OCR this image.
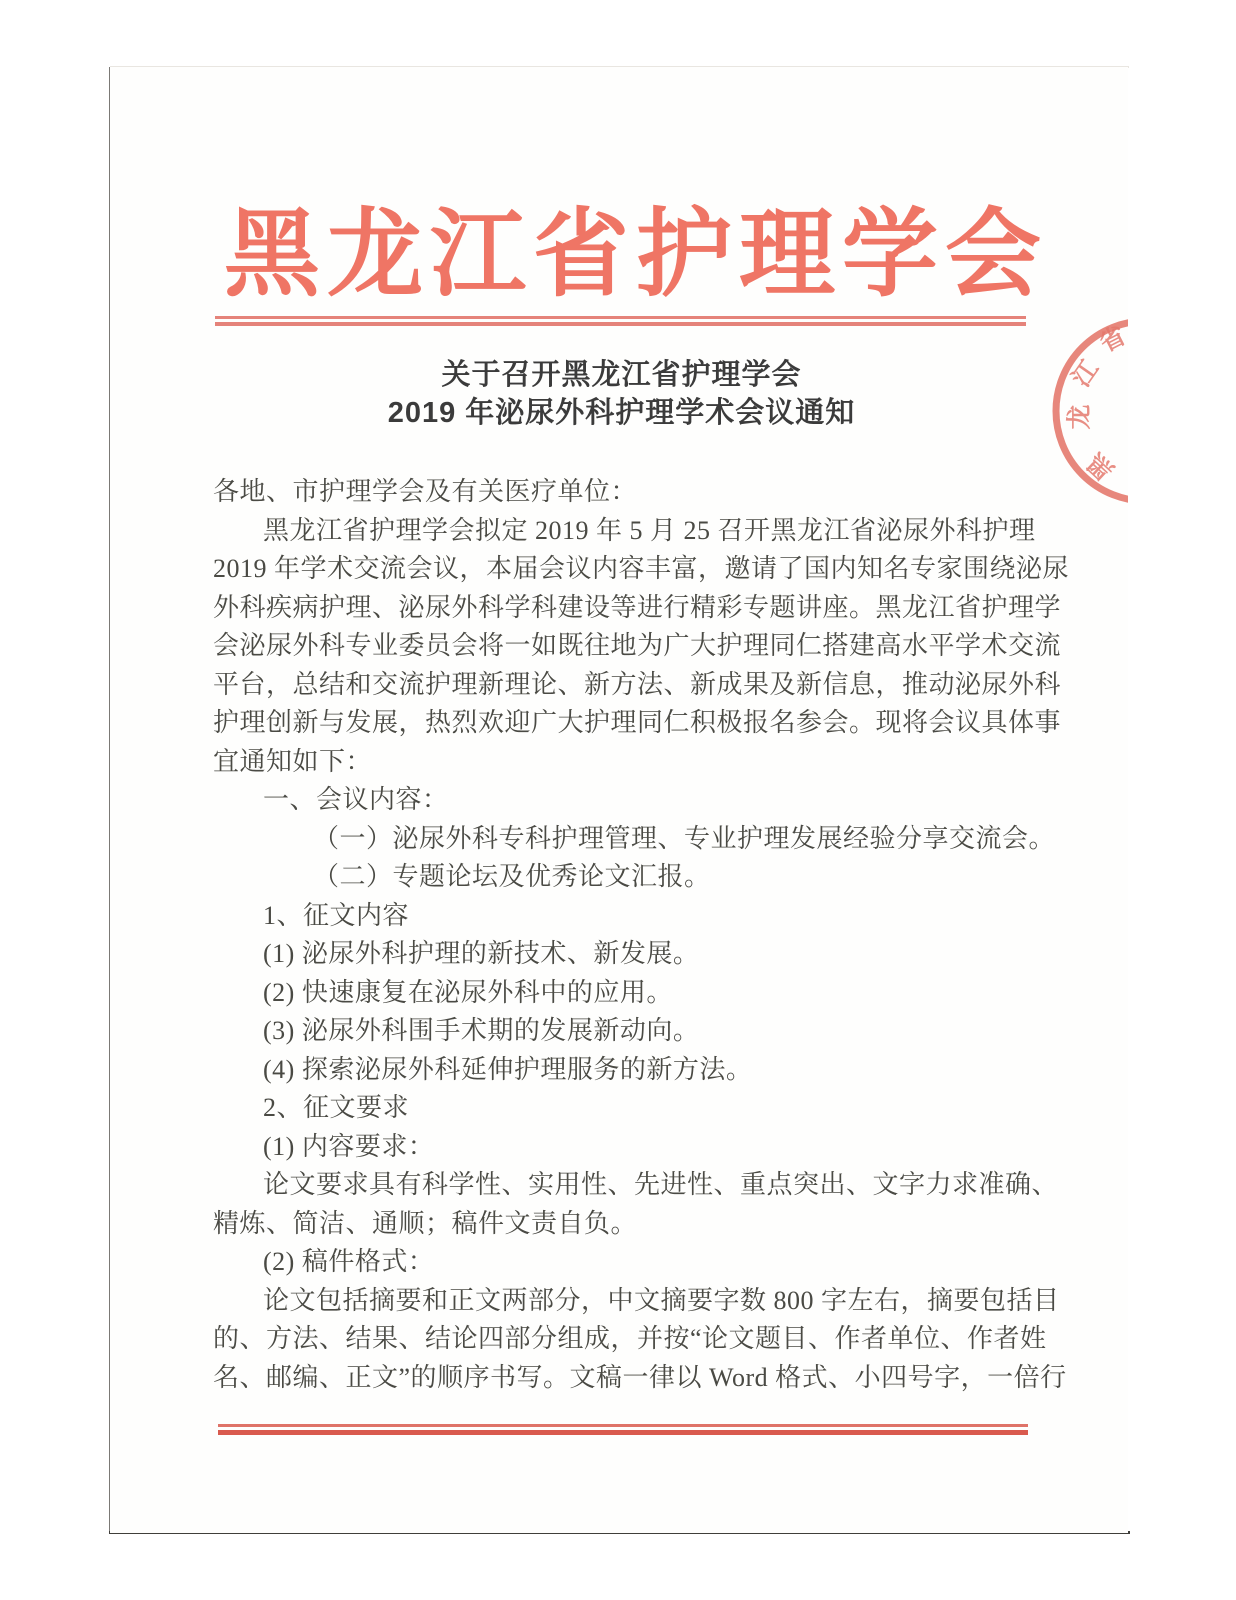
黑龙江省护理学会
关于召开黑龙江省护理学会
2019 年泌尿外科护理学术会议通知
各地、市护理学会及有关医疗单位：
黑龙江省护理学会拟定 2019 年 5 月 25 召开黑龙江省泌尿外科护理
2019 年学术交流会议，本届会议内容丰富，邀请了国内知名专家围绕泌尿
外科疾病护理、泌尿外科学科建设等进行精彩专题讲座。黑龙江省护理学
会泌尿外科专业委员会将一如既往地为广大护理同仁搭建高水平学术交流
平台，总结和交流护理新理论、新方法、新成果及新信息，推动泌尿外科
护理创新与发展，热烈欢迎广大护理同仁积极报名参会。现将会议具体事
宜通知如下：
一、会议内容：
（一）泌尿外科专科护理管理、专业护理发展经验分享交流会。
（二）专题论坛及优秀论文汇报。
1、征文内容
(1) 泌尿外科护理的新技术、新发展。
(2) 快速康复在泌尿外科中的应用。
(3) 泌尿外科围手术期的发展新动向。
(4) 探索泌尿外科延伸护理服务的新方法。
2、征文要求
(1) 内容要求：
论文要求具有科学性、实用性、先进性、重点突出、文字力求准确、
精炼、简洁、通顺；稿件文责自负。
(2) 稿件格式：
论文包括摘要和正文两部分，中文摘要字数 800 字左右，摘要包括目
的、方法、结果、结论四部分组成，并按“论文题目、作者单位、作者姓
名、邮编、正文”的顺序书写。文稿一律以 Word 格式、小四号字，一倍行
黑
龙
江
省
